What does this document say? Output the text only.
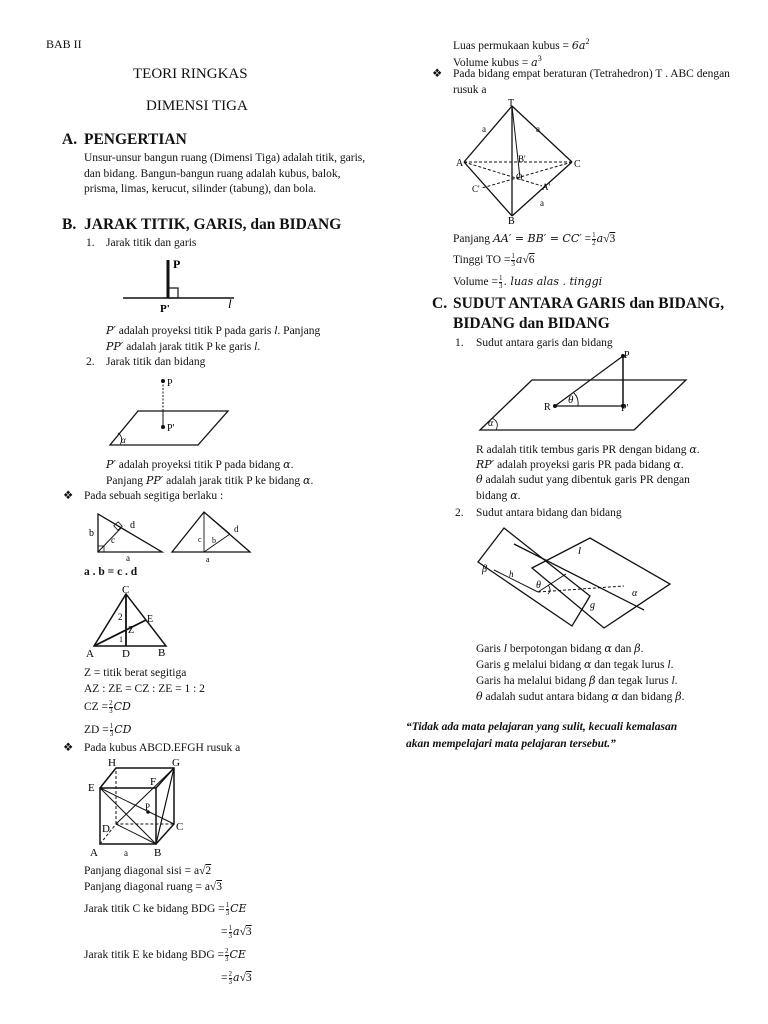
BAB II
TEORI RINGKAS
DIMENSI TIGA
A. PENGERTIAN
Unsur-unsur bangun ruang (Dimensi Tiga) adalah titik, garis, dan bidang. Bangun-bangun ruang adalah kubus, balok, prisma, limas, kerucut, silinder (tabung), dan bola.
B. JARAK TITIK, GARIS, dan BIDANG
1. Jarak titik dan garis
P
P'	l
P′ adalah proyeksi titik P pada garis l. Panjang
PP′ adalah jarak titik P ke garis l.
2. Jarak titik dan bidang
P
P'
α
P′ adalah proyeksi titik P pada bidang α.
Panjang PP′ adalah jarak titik P ke bidang α.
❖ Pada sebuah segitiga berlaku :
b
c
d
a
c b
d
a
a . b = c . d
C
2 E
Z
1
A	D	B
Z = titik berat segitiga
AZ : ZE = CZ : ZE = 1 : 2
CZ = $\frac{2}{3}$ CD
ZD = $\frac{1}{3}$ CD
❖ Pada kubus ABCD.EFGH rusuk a
H	G
E	F
P
D	C
A	a B
Panjang diagonal sisi = a√2
Panjang diagonal ruang = a√3
Jarak titik C ke bidang BDG = $\frac{1}{3}$ CE
= $\frac{1}{3} a√3$
Jarak titik E ke bidang BDG = $\frac{2}{3}$ CE
= $\frac{2}{3} a√3$
Luas permukaan kubus = $6a^2$
Volume kubus = $a^3$
❖ Pada bidang empat beraturan (Tetrahedron) T . ABC dengan rusuk a
T
a	a
A	B'	C
O
C'	A'
a
B
Panjang $AA' = BB' = CC' = \frac{1}{2} a√3$
Tinggi TO = $\frac{1}{3} a√6$
Volume = $\frac{1}{3}$ . luas alas . tinggi
C. SUDUT ANTARA GARIS dan BIDANG,
BIDANG dan BIDANG
1. Sudut antara garis dan bidang
P
P'
R
θ
α
R adalah titik tembus garis PR dengan bidang α.
RP′ adalah proyeksi garis PR pada bidang α.
θ adalah sudut yang dibentuk garis PR dengan
bidang α.
2. Sudut antara bidang dan bidang
l
β h
θ
g
α
Garis l berpotongan bidang α dan β.
Garis g melalui bidang α dan tegak lurus l.
Garis ha melalui bidang β dan tegak lurus l.
θ adalah sudut antara bidang α dan bidang β.
“Tidak ada mata pelajaran yang sulit, kecuali kemalasan
akan mempelajari mata pelajaran tersebut.”
